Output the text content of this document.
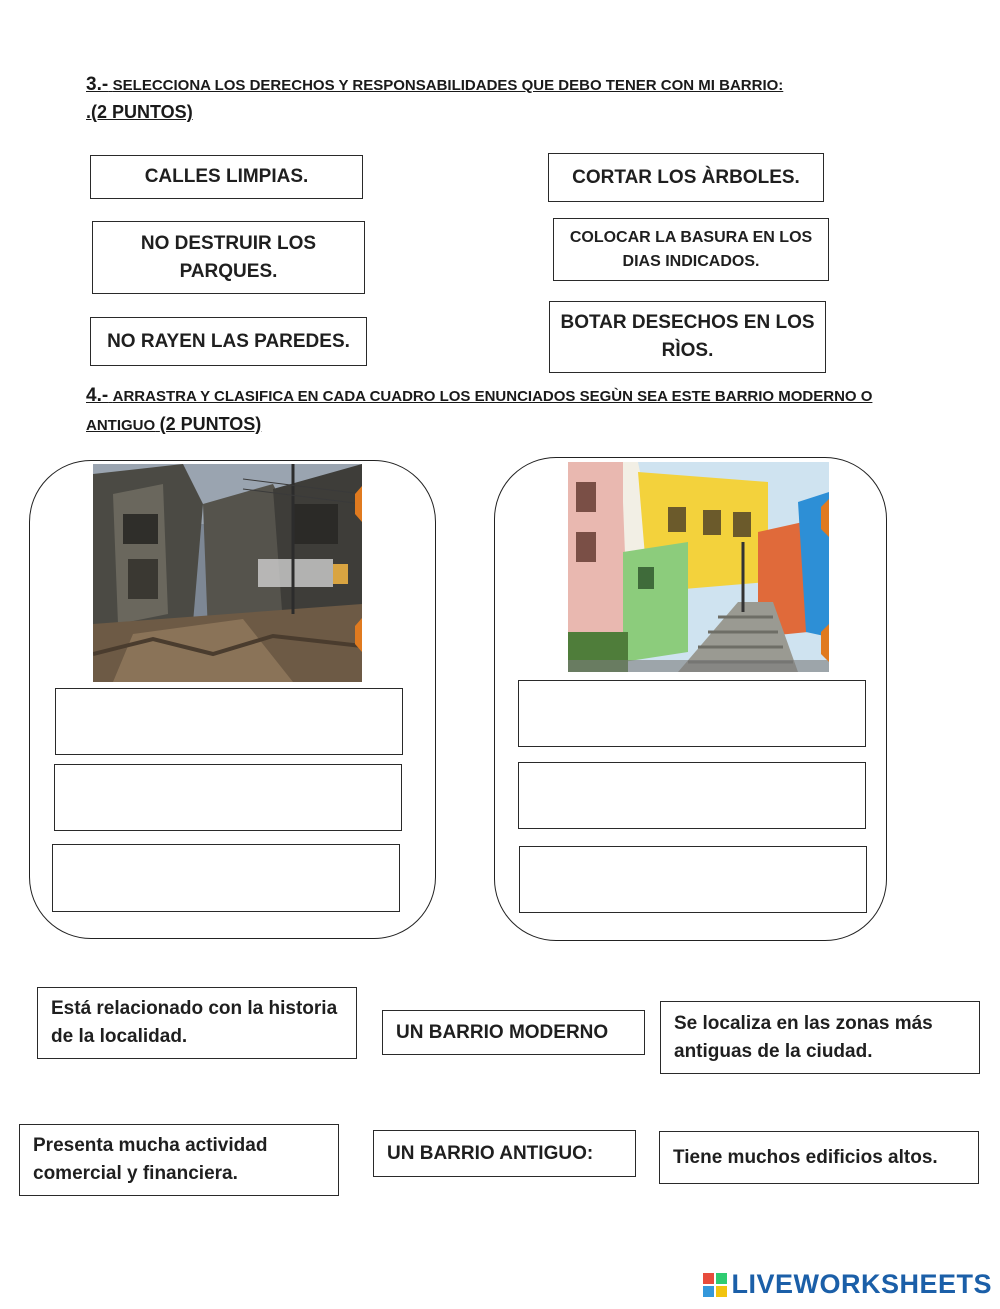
3.- SELECCIONA LOS DERECHOS Y RESPONSABILIDADES QUE DEBO TENER CON MI BARRIO:
.(2 PUNTOS)
CALLES LIMPIAS.
NO DESTRUIR LOS PARQUES.
NO RAYEN LAS PAREDES.
CORTAR LOS ÀRBOLES.
COLOCAR LA BASURA EN LOS DIAS INDICADOS.
BOTAR DESECHOS EN LOS RÌOS.
4.- ARRASTRA Y CLASIFICA EN CADA CUADRO LOS ENUNCIADOS SEGÙN SEA ESTE BARRIO MODERNO O
ANTIGUO (2 PUNTOS)
Está relacionado con la historia de la localidad.	UN BARRIO MODERNO	Se localiza en las zonas más antiguas de la ciudad.
Presenta mucha actividad comercial y financiera.
UN BARRIO ANTIGUO:	Tiene muchos edificios altos.
LIVEWORKSHEETS
